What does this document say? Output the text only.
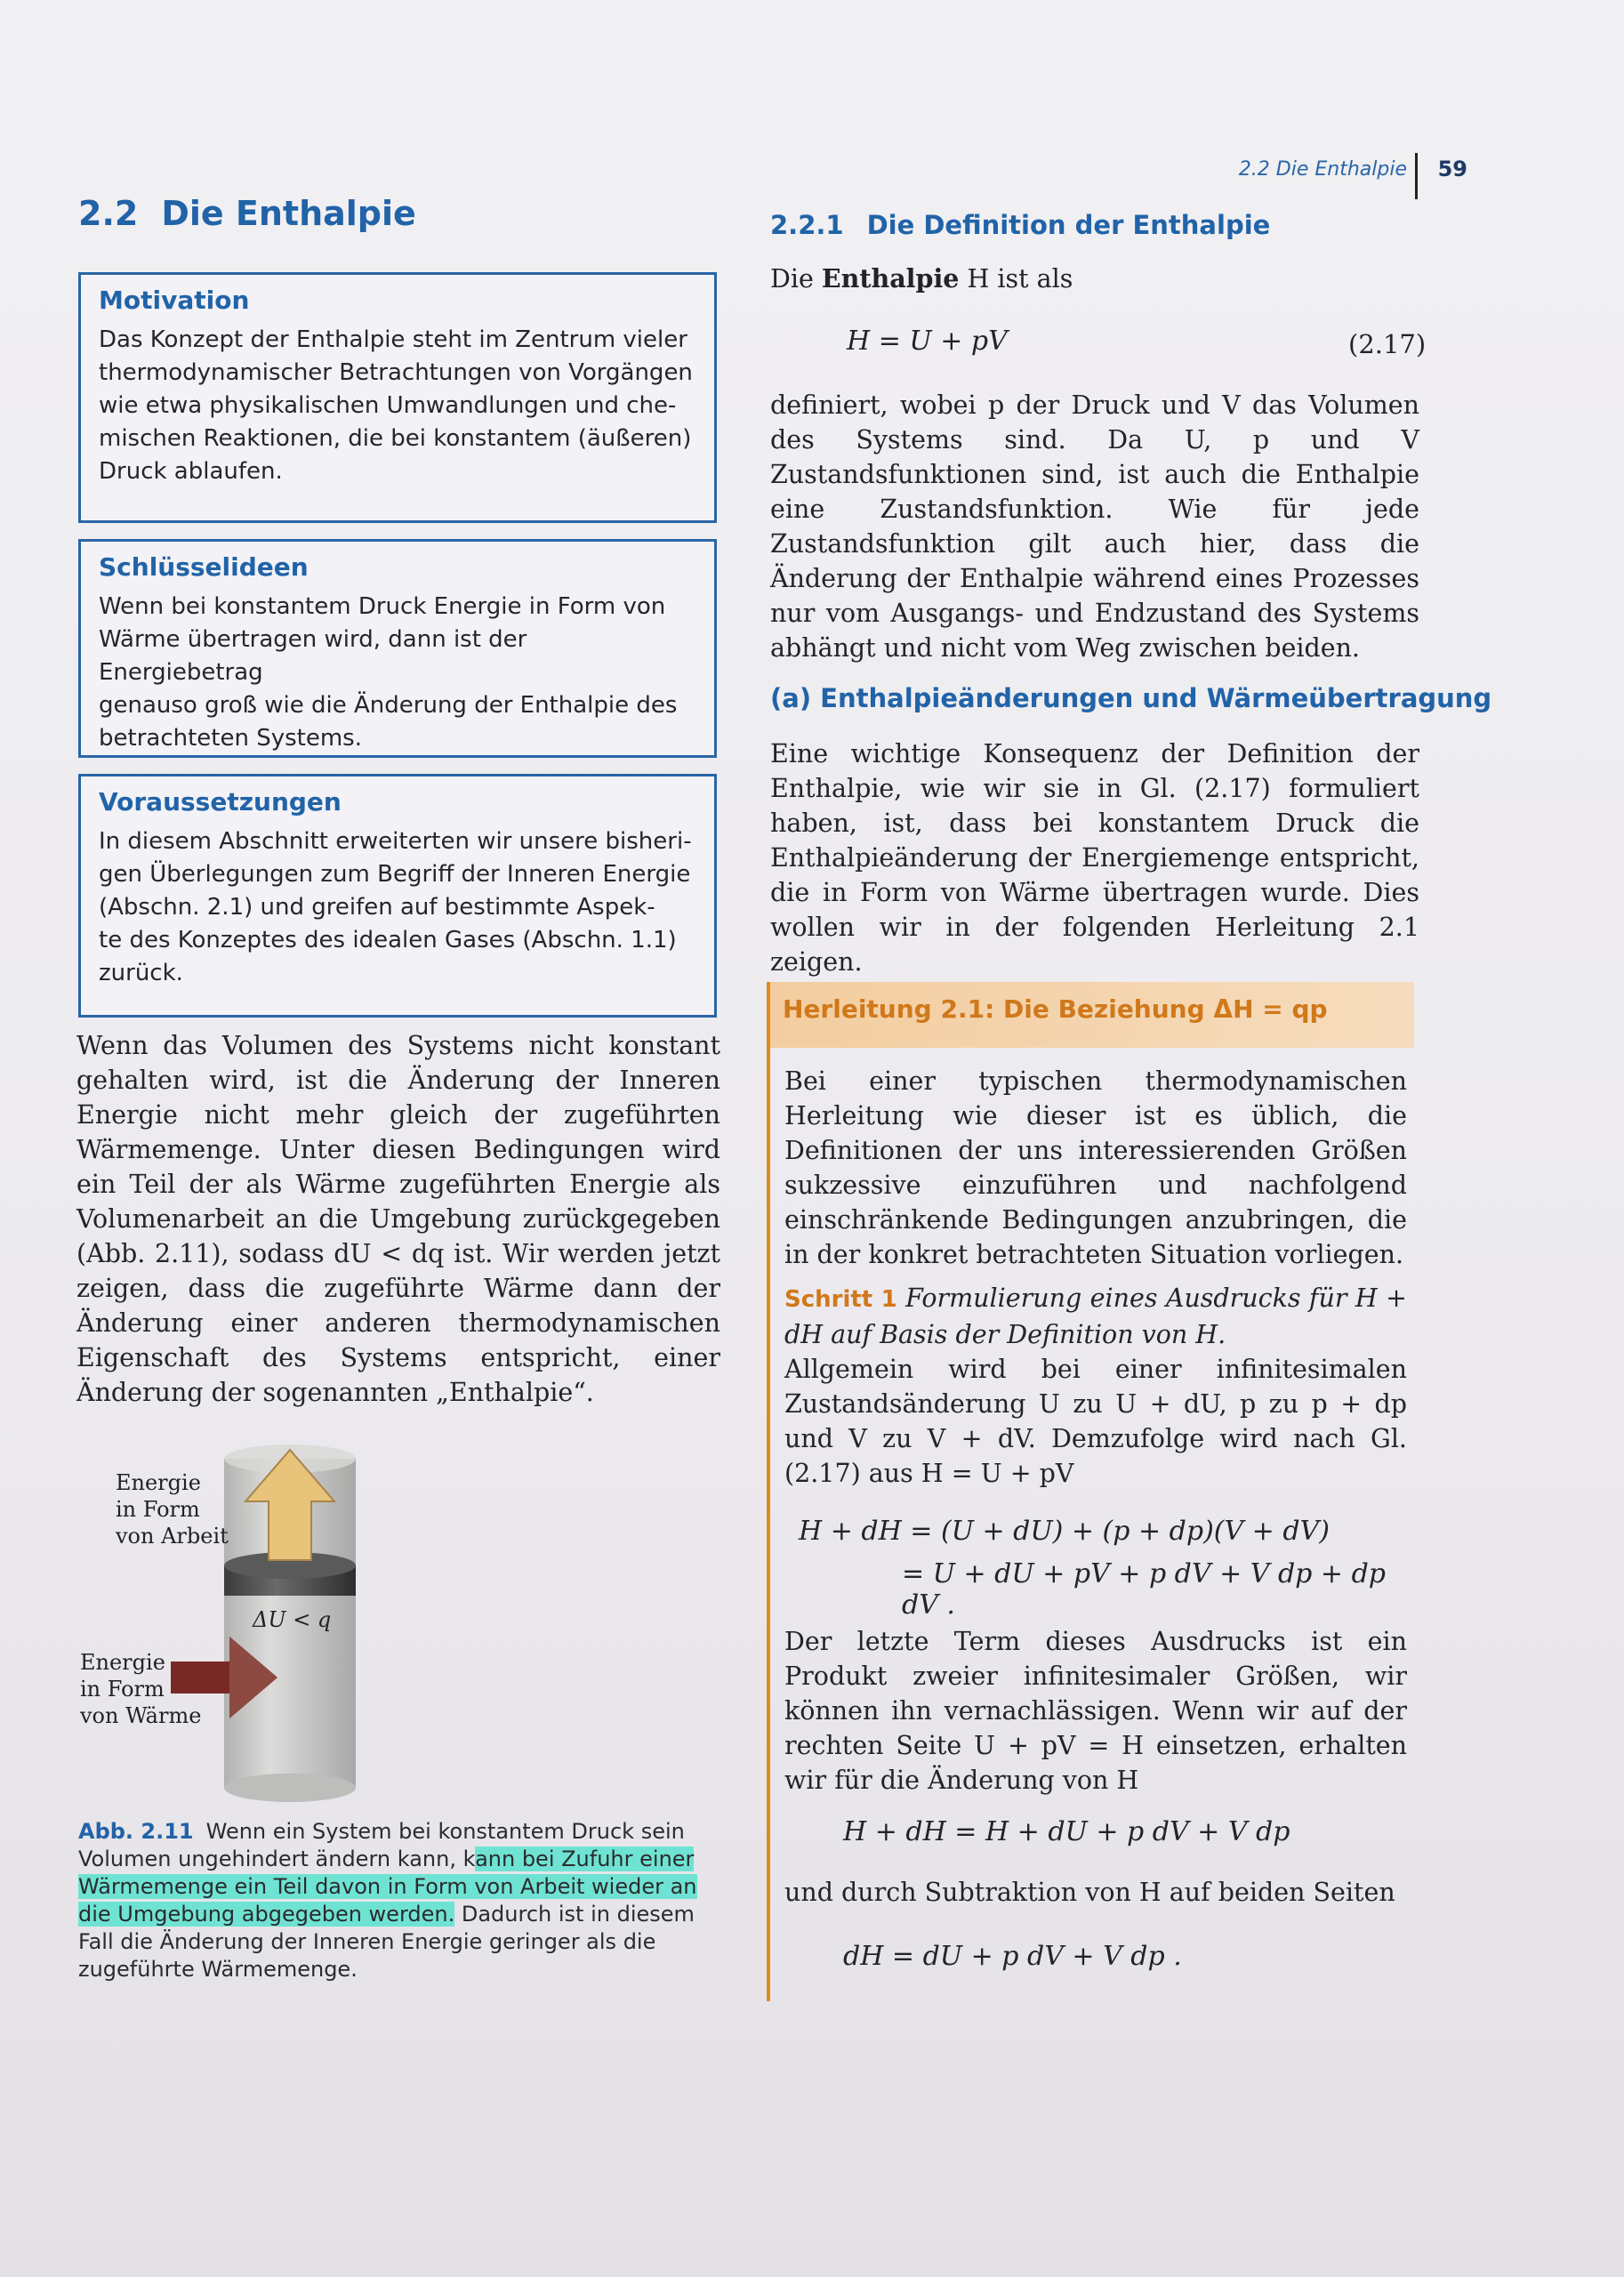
2.2 Die Enthalpie 59
2.2 Die Enthalpie
Motivation
Das Konzept der Enthalpie steht im Zentrum vieler
thermodynamischer Betrachtungen von Vorgängen
wie etwa physikalischen Umwandlungen und che-
mischen Reaktionen, die bei konstantem (äußeren)
Druck ablaufen.
Schlüsselideen
Wenn bei konstantem Druck Energie in Form von
Wärme übertragen wird, dann ist der Energiebetrag
genauso groß wie die Änderung der Enthalpie des
betrachteten Systems.
Voraussetzungen
In diesem Abschnitt erweiterten wir unsere bisheri-
gen Überlegungen zum Begriff der Inneren Energie
(Abschn. 2.1) und greifen auf bestimmte Aspek-
te des Konzeptes des idealen Gases (Abschn. 1.1)
zurück.
Wenn das Volumen des Systems nicht konstant gehalten wird, ist die Änderung der Inneren Energie nicht mehr gleich der zugeführten Wärmemenge. Unter diesen Bedingungen wird ein Teil der als Wärme zugeführten Energie als Volumenarbeit an die Umgebung zurückgegeben (Abb. 2.11), sodass dU < dq ist. Wir werden jetzt zeigen, dass die zugeführte Wärme dann der Änderung einer anderen thermodynamischen Eigenschaft des Systems entspricht, einer Änderung der sogenannten „Enthalpie“.
Energie
in Form
von Arbeit
Energie
in Form
von Wärme
ΔU < q
Abb. 2.11 Wenn ein System bei konstantem Druck sein Volumen ungehindert ändern kann, kann bei Zufuhr einer Wärmemenge ein Teil davon in Form von Arbeit wieder an die Umgebung abgegeben werden. Dadurch ist in diesem Fall die Änderung der Inneren Energie geringer als die zugeführte Wärmemenge.
2.2.1 Die Definition der Enthalpie
Die Enthalpie H ist als
H = U + pV	(2.17)
definiert, wobei p der Druck und V das Volumen des Systems sind. Da U, p und V Zustandsfunktionen sind, ist auch die Enthalpie eine Zustandsfunktion. Wie für jede Zustandsfunktion gilt auch hier, dass die Änderung der Enthalpie während eines Prozesses nur vom Ausgangs- und Endzustand des Systems abhängt und nicht vom Weg zwischen beiden.
(a) Enthalpieänderungen und Wärmeübertragung
Eine wichtige Konsequenz der Definition der Enthalpie, wie wir sie in Gl. (2.17) formuliert haben, ist, dass bei konstantem Druck die Enthalpieänderung der Energiemenge entspricht, die in Form von Wärme übertragen wurde. Dies wollen wir in der folgenden Herleitung 2.1 zeigen.
Herleitung 2.1: Die Beziehung ΔH = qp
Bei einer typischen thermodynamischen Herleitung wie dieser ist es üblich, die Definitionen der uns interessierenden Größen sukzessive einzuführen und nachfolgend einschränkende Bedingungen anzubringen, die in der konkret betrachteten Situation vorliegen.
Schritt 1 Formulierung eines Ausdrucks für H + dH auf Basis der Definition von H.
Allgemein wird bei einer infinitesimalen Zustandsänderung U zu U + dU, p zu p + dp und V zu V + dV. Demzufolge wird nach Gl. (2.17) aus H = U + pV
H + dH = (U + dU) + (p + dp)(V + dV)
= U + dU + pV + p dV + V dp + dp dV .
Der letzte Term dieses Ausdrucks ist ein Produkt zweier infinitesimaler Größen, wir können ihn vernachlässigen. Wenn wir auf der rechten Seite U + pV = H einsetzen, erhalten wir für die Änderung von H
H + dH = H + dU + p dV + V dp
und durch Subtraktion von H auf beiden Seiten
dH = dU + p dV + V dp .
